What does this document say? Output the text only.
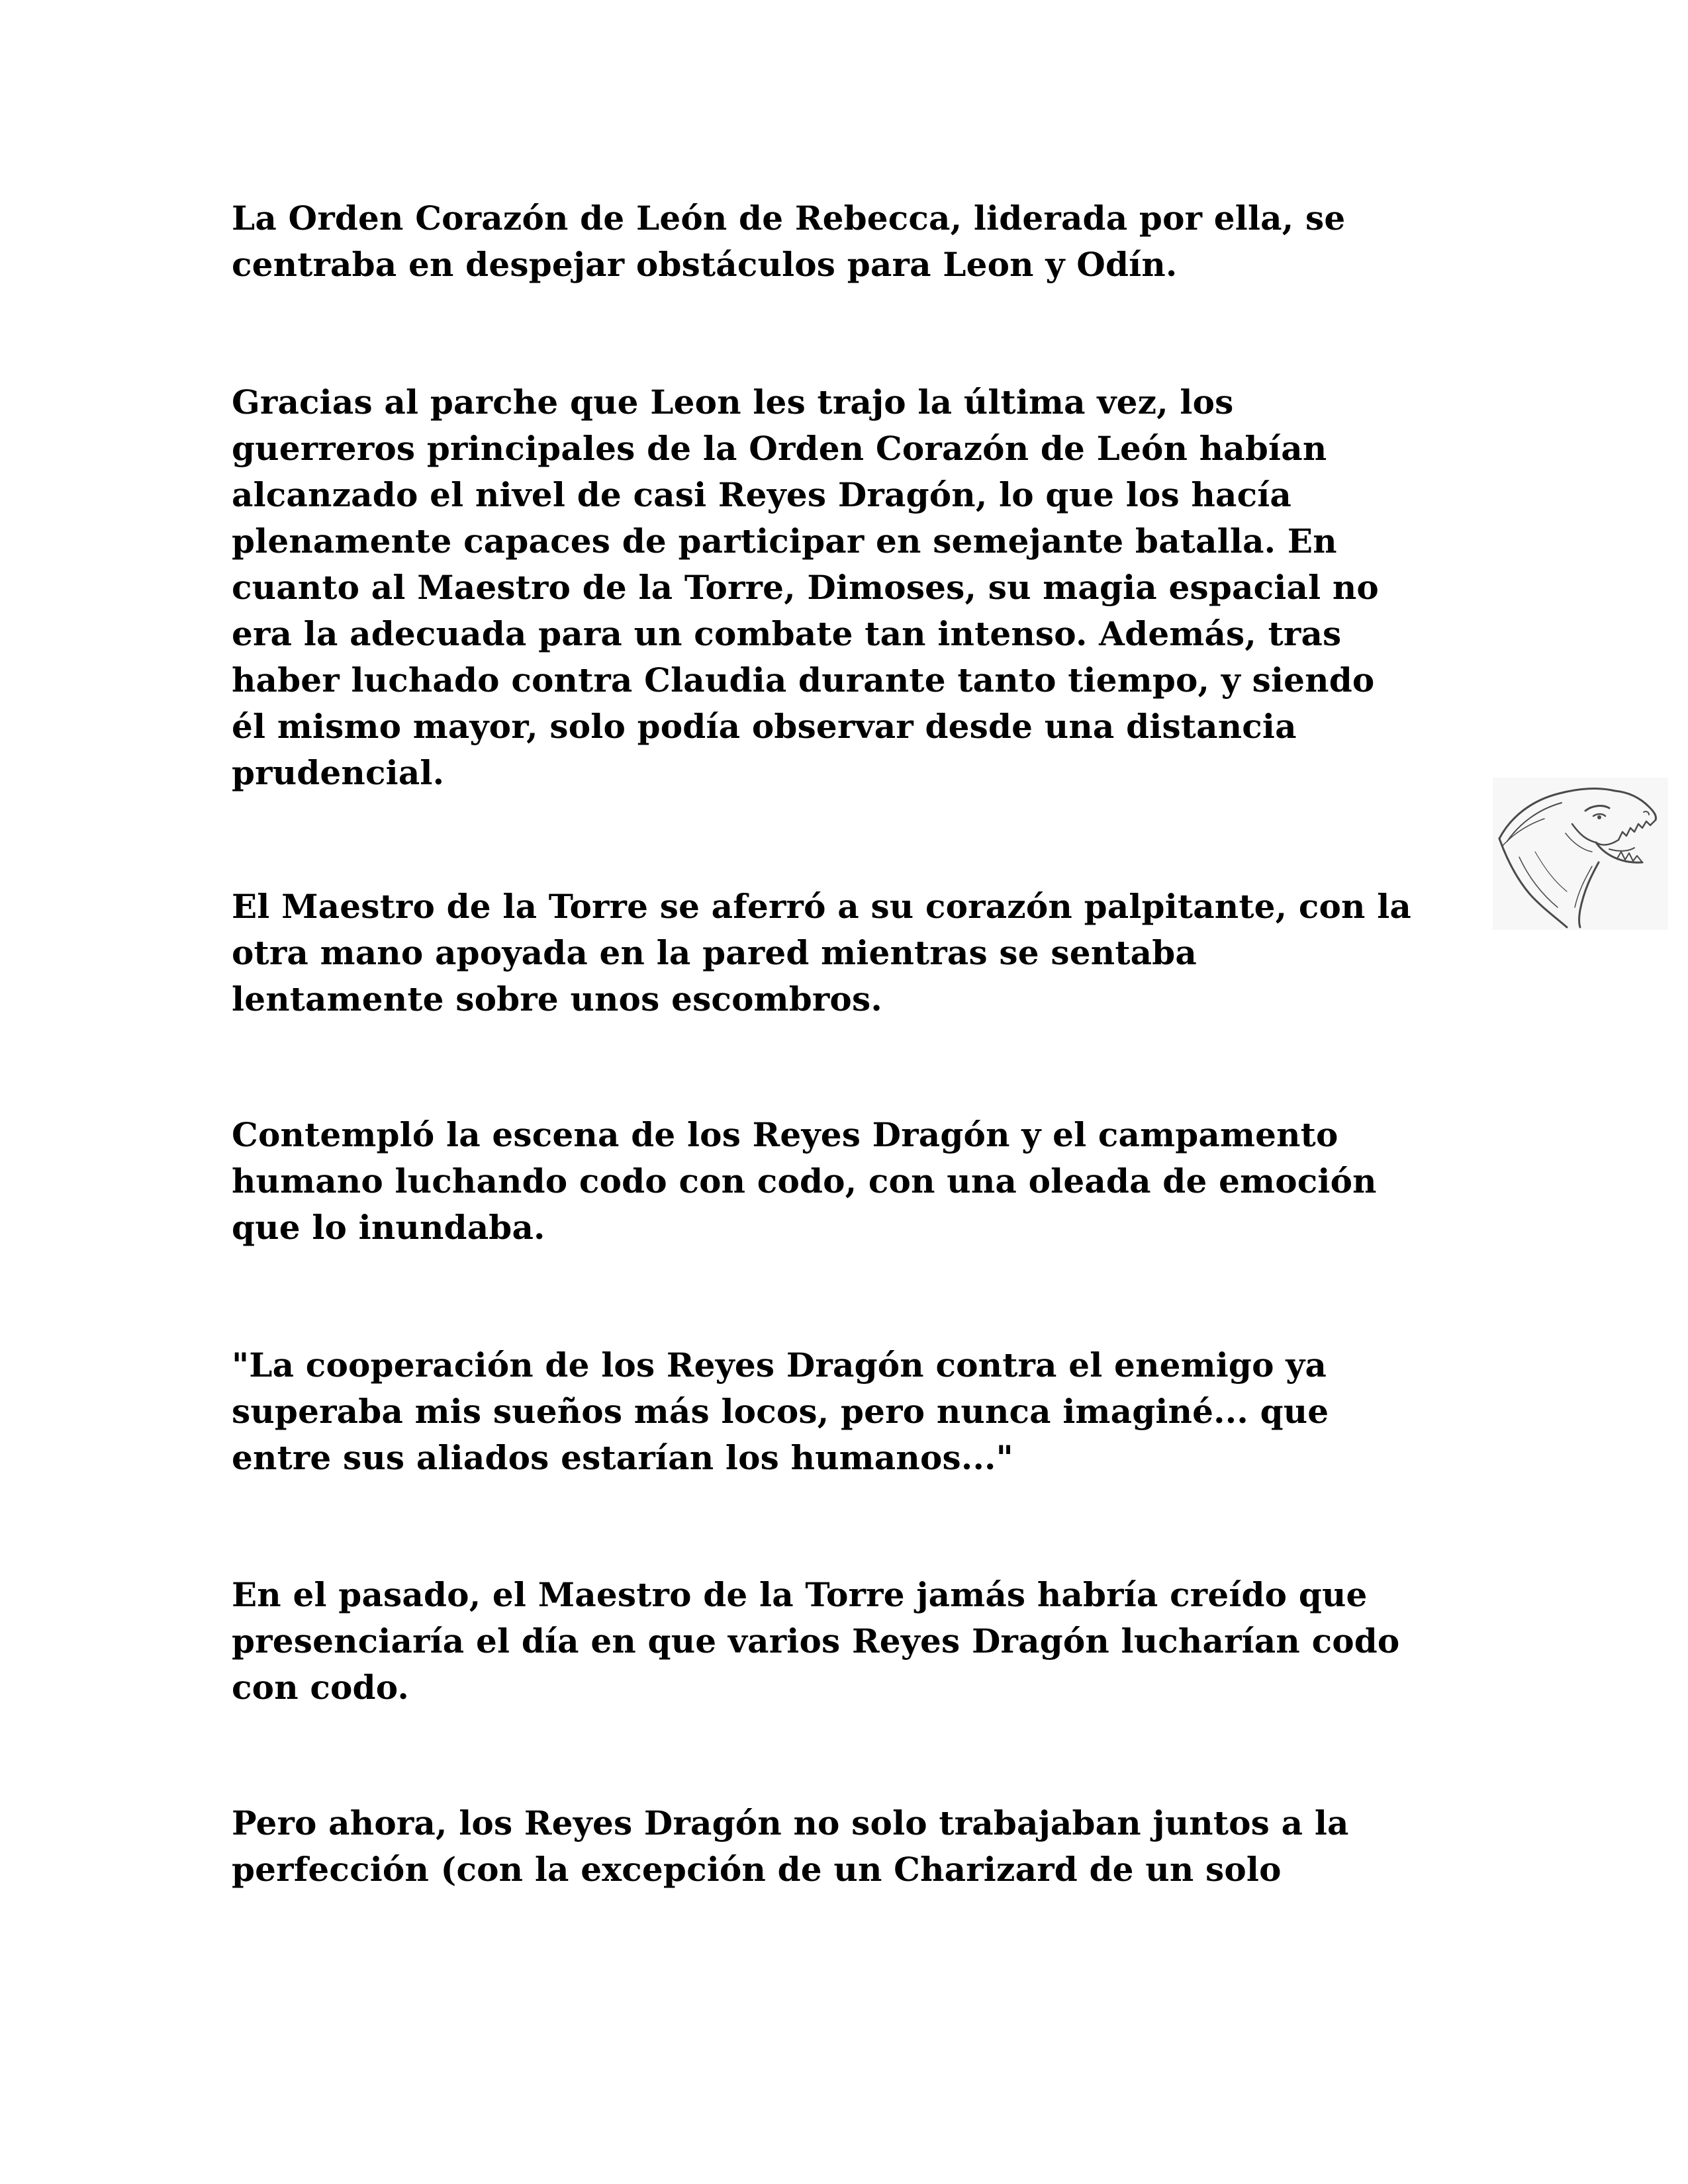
La Orden Corazón de León de Rebecca, liderada por ella, se
centraba en despejar obstáculos para Leon y Odín.

Gracias al parche que Leon les trajo la última vez, los
guerreros principales de la Orden Corazón de León habían
alcanzado el nivel de casi Reyes Dragón, lo que los hacía
plenamente capaces de participar en semejante batalla. En
cuanto al Maestro de la Torre, Dimoses, su magia espacial no
era la adecuada para un combate tan intenso. Además, tras
haber luchado contra Claudia durante tanto tiempo, y siendo
él mismo mayor, solo podía observar desde una distancia
prudencial.

El Maestro de la Torre se aferró a su corazón palpitante, con la
otra mano apoyada en la pared mientras se sentaba
lentamente sobre unos escombros.

Contempló la escena de los Reyes Dragón y el campamento
humano luchando codo con codo, con una oleada de emoción
que lo inundaba.

"La cooperación de los Reyes Dragón contra el enemigo ya
superaba mis sueños más locos, pero nunca imaginé... que
entre sus aliados estarían los humanos..."

En el pasado, el Maestro de la Torre jamás habría creído que
presenciaría el día en que varios Reyes Dragón lucharían codo
con codo.

Pero ahora, los Reyes Dragón no solo trabajaban juntos a la
perfección (con la excepción de un Charizard de un solo
